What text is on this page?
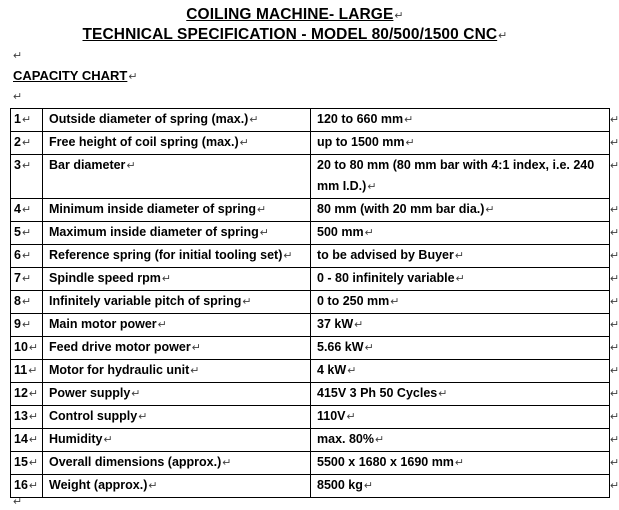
COILING MACHINE- LARGE↵
TECHNICAL SPECIFICATION - MODEL 80/500/1500 CNC↵
↵
CAPACITY CHART↵
↵
1↵	Outside diameter of spring (max.)↵	120 to 660 mm↵
2↵	Free height of coil spring (max.)↵	up to 1500 mm↵
3↵	Bar diameter↵	20 to 80 mm (80 mm bar with 4:1 index, i.e. 240 mm I.D.)↵
4↵	Minimum inside diameter of spring↵	80 mm (with 20 mm bar dia.)↵
5↵	Maximum inside diameter of spring↵	500 mm↵
6↵	Reference spring (for initial tooling set)↵	to be advised by Buyer↵
7↵	Spindle speed rpm↵	0 - 80 infinitely variable↵
8↵	Infinitely variable pitch of spring↵	0 to 250 mm↵
9↵	Main motor power↵	37 kW↵
10↵	Feed drive motor power↵	5.66 kW↵
11↵	Motor for hydraulic unit↵	4 kW↵
12↵	Power supply↵	415V 3 Ph 50 Cycles↵
13↵	Control supply↵	110V↵
14↵	Humidity↵	max. 80%↵
15↵	Overall dimensions (approx.)↵	5500 x 1680 x 1690 mm↵
16↵	Weight (approx.)↵	8500 kg↵
↵
↵
↵
↵
↵
↵
↵
↵
↵
↵
↵
↵
↵
↵
↵
↵
↵
